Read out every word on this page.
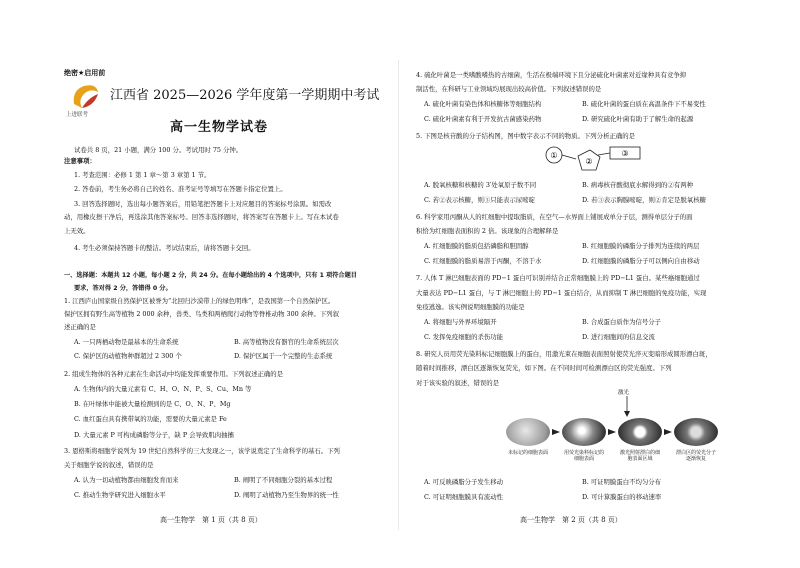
绝密★启用前
上进联考
江西省 2025—2026 学年度第一学期期中考试
高一生物学试卷
试卷共 8 页，21 小题，满分 100 分。考试用时 75 分钟。
注意事项：
1. 考查范围：必修 1 第 1 章～第 3 章第 1 节。
2. 答卷前，考生务必将自己的姓名、准考证号等填写在答题卡指定位置上。
3. 回答选择题时，选出每小题答案后，用铅笔把答题卡上对应题目的答案标号涂黑。如需改
动，用橡皮擦干净后，再选涂其他答案标号。回答非选择题时，将答案写在答题卡上。写在本试卷
上无效。
4. 考生必须保持答题卡的整洁。考试结束后，请将答题卡交回。
一、选择题：本题共 12 小题，每小题 2 分，共 24 分。在每小题给出的 4 个选项中，只有 1 项符合题目
要求，答对得 2 分，答错得 0 分。
1. 江西庐山国家级自然保护区被誉为“北回归沙漠带上的绿色明珠”，是我国第一个自然保护区。
保护区拥有野生高等植物 2 000 余种，兽类、鸟类和两栖爬行动物等脊椎动物 300 余种。下列叙
述正确的是
A. 一只两栖动物是最基本的生命系统	B. 高等植物没有器官的生命系统层次
C. 保护区的动植物种群超过 2 300 个	D. 保护区属于一个完整的生态系统
2. 组成生物体的各种元素在生命活动中均能发挥重要作用。下列叙述正确的是
A. 生物体内的大量元素有 C、H、O、N、P、S、Cu、Mn 等
B. 在叶绿体中能被大量检测到的是 C、O、N、P、Mg
C. 血红蛋白具有携带氧的功能，需要的大量元素是 Fe
D. 大量元素 P 可构成磷脂等分子，缺 P 会导致肌肉抽搐
3. 恩格斯将细胞学说列为 19 世纪自然科学的三大发现之一，该学说奠定了生命科学的基石。下列
关于细胞学说的叙述，错误的是
A. 认为一切动植物都由细胞发育而来	B. 阐明了不同细胞分裂的基本过程
C. 推动生物学研究进入细胞水平	D. 阐明了动植物乃至生物界的统一性
高一生物学　第 1 页（共 8 页）
4. 硫化叶菌是一类嗜酸嗜热的古细菌，生活在极端环境下且分泌硫化叶菌素对近缘种具有竞争抑
制活性，在科研与工业领域均展现出较高价值。下列叙述错误的是
A. 硫化叶菌有染色体和核糖体等细胞结构	B. 硫化叶菌的蛋白质在高温条件下不易变性
C. 硫化叶菌素有利于开发抗古菌感染药物	D. 研究硫化叶菌有助于了解生命的起源
5. 下图是核苷酸的分子结构图，图中数字表示不同的物质。下列分析正确的是
①
②
③
A. 脱氧核糖和核糖的 3′处氧原子数不同	B. 病毒核苷酸彻底水解得到的②有两种
C. 若②表示核糖，则③只能表示尿嘧啶	D. 若③表示胸腺嘧啶，则②肯定是脱氧核糖
6. 科学家用丙酮从人的红细胞中提取脂质，在空气—水界面上铺展成单分子层，测得单层分子的面
积恰为红细胞表面积的 2 倍。该现象的合理解释是
A. 红细胞膜的脂质包括磷脂和胆固醇	B. 红细胞膜的磷脂分子排列为连续的两层
C. 红细胞膜的脂质易溶于丙酮，不溶于水	D. 红细胞膜的磷脂分子可以侧向自由移动
7. 人体 T 淋巴细胞表面的 PD−1 蛋白可识别并结合正常细胞膜上的 PD−L1 蛋白。某些癌细胞通过
大量表达 PD−L1 蛋白，与 T 淋巴细胞上的 PD−1 蛋白结合，从而抑制 T 淋巴细胞的免疫功能，实现
免疫逃逸。该实例说明细胞膜的功能是
A. 将细胞与外界环境隔开	B. 合成蛋白质作为信号分子
C. 发挥免疫细胞的杀伤功能	D. 进行细胞间的信息交流
8. 研究人员用荧光染料标记细胞膜上的蛋白，用激光束在细胞表面照射使荧光淬灭变暗形成圆形漂白斑，
随着时间推移，漂白区逐渐恢复荧光，如下图。在不同时间可检测漂白区的荧光强度。下列
对于该实验的叙述，错误的是
激光
未标记的细胞表面	用荧光染料标记的细胞表面
激光照射漂白的细胞表面区域
漂白区的荧光分子逐渐恢复
A. 可反映磷脂分子发生移动	B. 可证明膜蛋白不均匀分布
C. 可证明细胞膜具有流动性	D. 可计算膜蛋白的移动速率
高一生物学　第 2 页（共 8 页）
